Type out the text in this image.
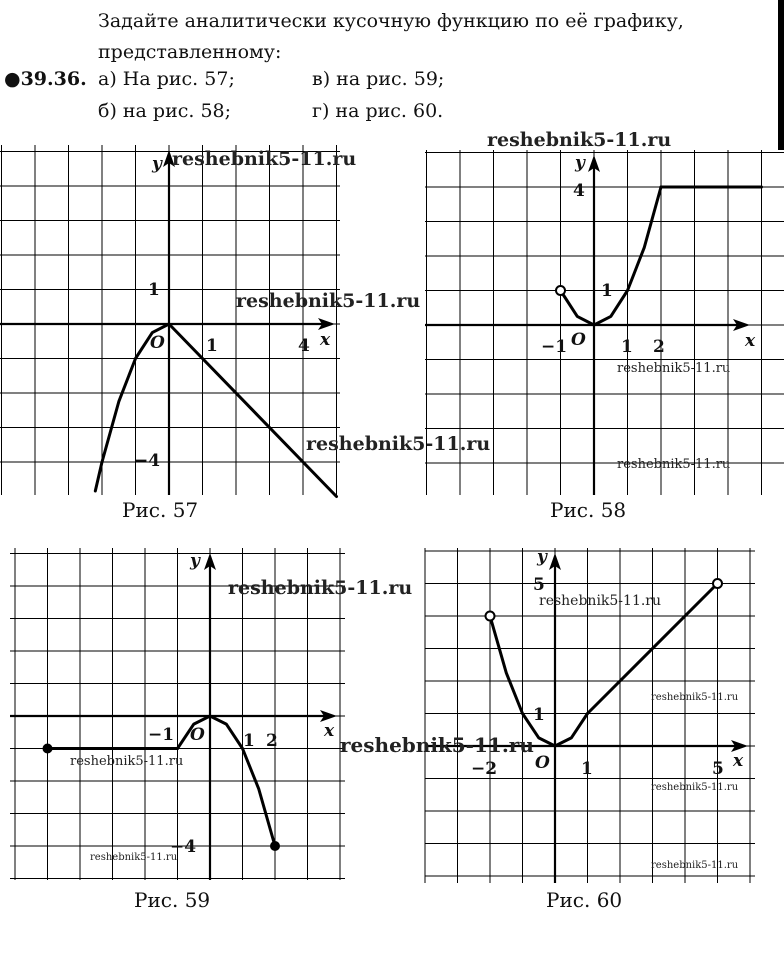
Задайте аналитически кусочную функцию по её графику,
представленному:
●39.36. а) На рис. 57;	в) на рис. 59;
б) на рис. 58;	г) на рис. 60.
reshebnik5-11.ru
y
x
1
−4
O 1	4
reshebnik5-11.ru
reshebnik5-11.ru
Рис. 57
reshebnik5-11.ru
y
x
4
1
−1 O 1 2
reshebnik5-11.ru
reshebnik5-11.ru
Рис. 58
y
x
−1 O 1 2
−4
reshebnik5-11.ru
reshebnik5-11.ru
reshebnik5-11.ru
Рис. 59
y
x
5
1
−2 O 1	5
reshebnik5-11.ru
reshebnik5-11.ru
reshebnik5-11.ru
reshebnik5-11.ru
Рис. 60
reshebnik5-11.ru
